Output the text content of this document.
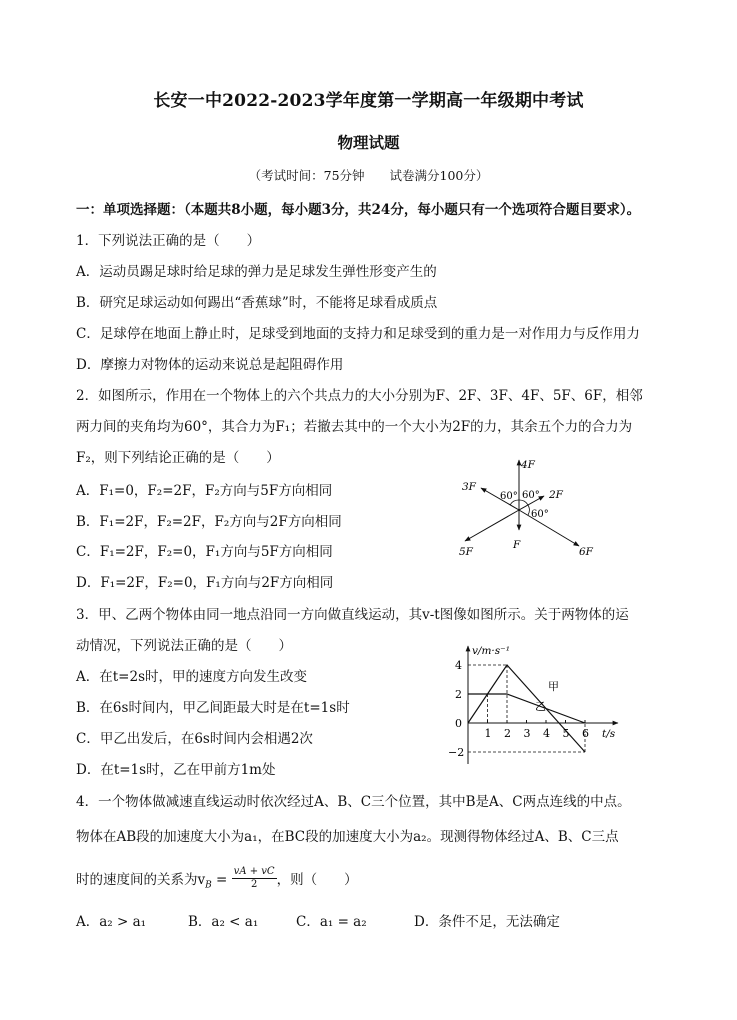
长安一中2022-2023学年度第一学期高一年级期中考试
物理试题
（考试时间：75分钟　　试卷满分100分）
一：单项选择题：（本题共8小题，每小题3分，共24分，每小题只有一个选项符合题目要求）。
1．下列说法正确的是（　　）
A．运动员踢足球时给足球的弹力是足球发生弹性形变产生的
B．研究足球运动如何踢出“香蕉球”时，不能将足球看成质点
C．足球停在地面上静止时，足球受到地面的支持力和足球受到的重力是一对作用力与反作用力
D．摩擦力对物体的运动来说总是起阻碍作用
2．如图所示，作用在一个物体上的六个共点力的大小分别为F、2F、3F、4F、5F、6F，相邻
两力间的夹角均为60°，其合力为F₁；若撤去其中的一个大小为2F的力，其余五个力的合力为
F₂，则下列结论正确的是（　　）
A．F₁=0，F₂=2F，F₂方向与5F方向相同
B．F₁=2F，F₂=2F，F₂方向与2F方向相同
C．F₁=2F，F₂=0，F₁方向与5F方向相同
D．F₁=2F，F₂=0，F₁方向与2F方向相同
4F
3F
2F
5F
F
6F
60° 60°
60°
3．甲、乙两个物体由同一地点沿同一方向做直线运动，其v-t图像如图所示。关于两物体的运
动情况，下列说法正确的是（　　）
A．在t=2s时，甲的速度方向发生改变
B．在6s时间内，甲乙间距最大时是在t=1s时
C．甲乙出发后，在6s时间内会相遇2次
D．在t=1s时，乙在甲前方1m处
1 2 3 4 5 6
4
2
0
−2
v/m·s⁻¹
t/s
甲
乙
4．一个物体做减速直线运动时依次经过A、B、C三个位置，其中B是A、C两点连线的中点。
物体在AB段的加速度大小为a₁，在BC段的加速度大小为a₂。现测得物体经过A、B、C三点
时的速度间的关系为$v_B = \frac{vA + vC}{2}$ ，则（　　）
A．a₂ > a₁	B．a₂ < a₁	C．a₁ = a₂	D．条件不足，无法确定
